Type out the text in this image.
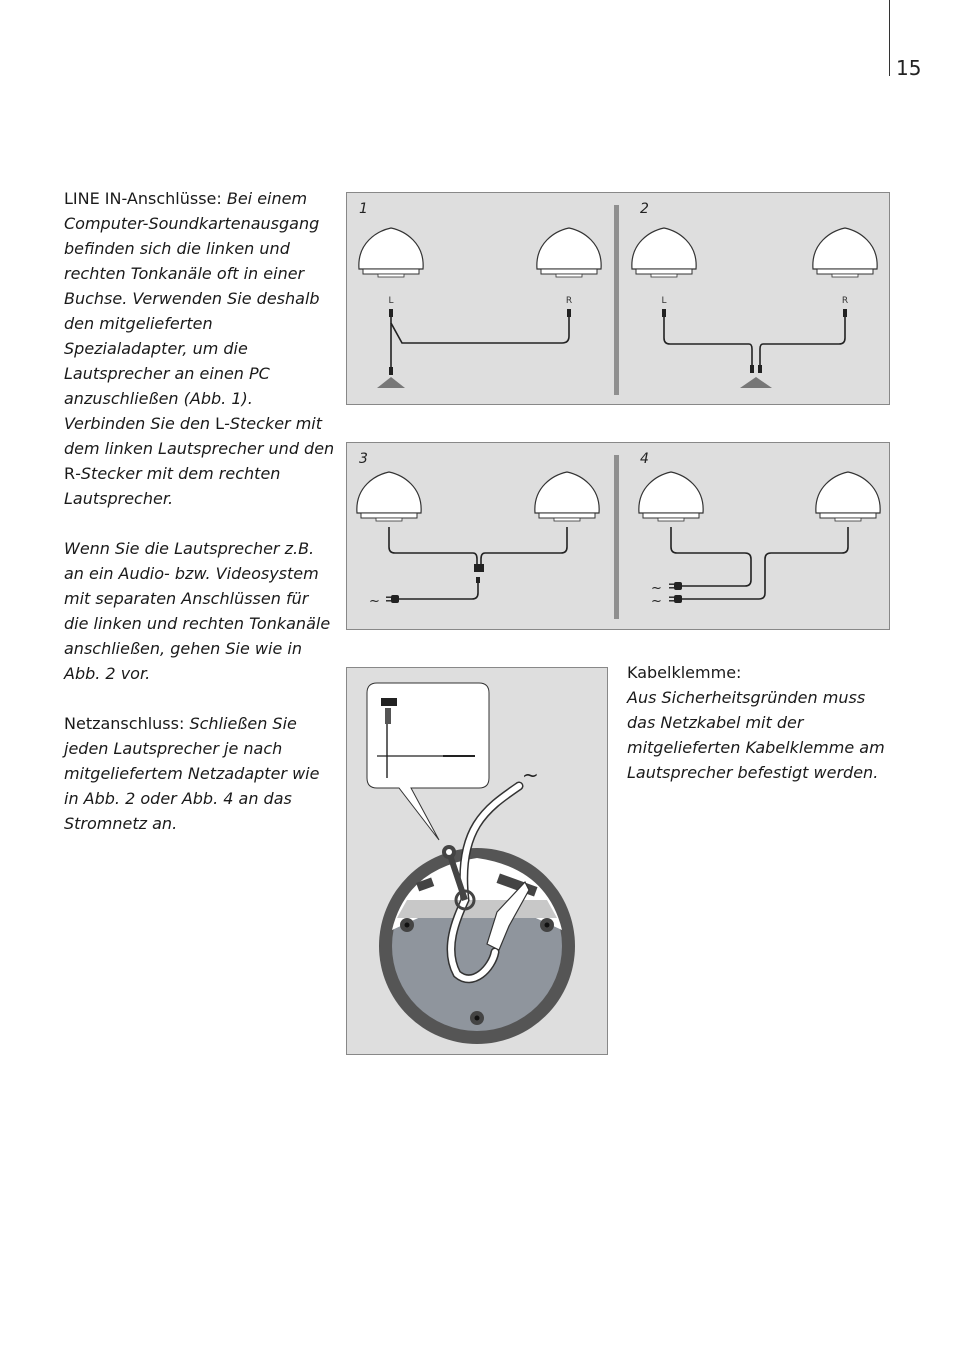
15

LINE IN-Anschlüsse: Bei einem Computer-Soundkartenausgang befinden sich die linken und rechten Tonkanäle oft in einer Buchse. Verwenden Sie deshalb den mitgelieferten Spezialadapter, um die Lautsprecher an einen PC anzuschließen (Abb. 1). Verbinden Sie den L-Stecker mit dem linken Lautsprecher und den R-Stecker mit dem rechten Lautsprecher.

Wenn Sie die Lautsprecher z.B. an ein Audio- bzw. Videosystem mit separaten Anschlüssen für die linken und rechten Tonkanäle anschließen, gehen Sie wie in Abb. 2 vor.

Netzanschluss: Schließen Sie jeden Lautsprecher je nach mitgeliefertem Netzadapter wie in Abb. 2 oder Abb. 4 an das Stromnetz an.

L	R	L	R
1	2
~
~
~
3	4
~
Kabelklemme:
Aus Sicherheitsgründen muss das Netzkabel mit der mitgelieferten Kabelklemme am Lautsprecher befestigt werden.
